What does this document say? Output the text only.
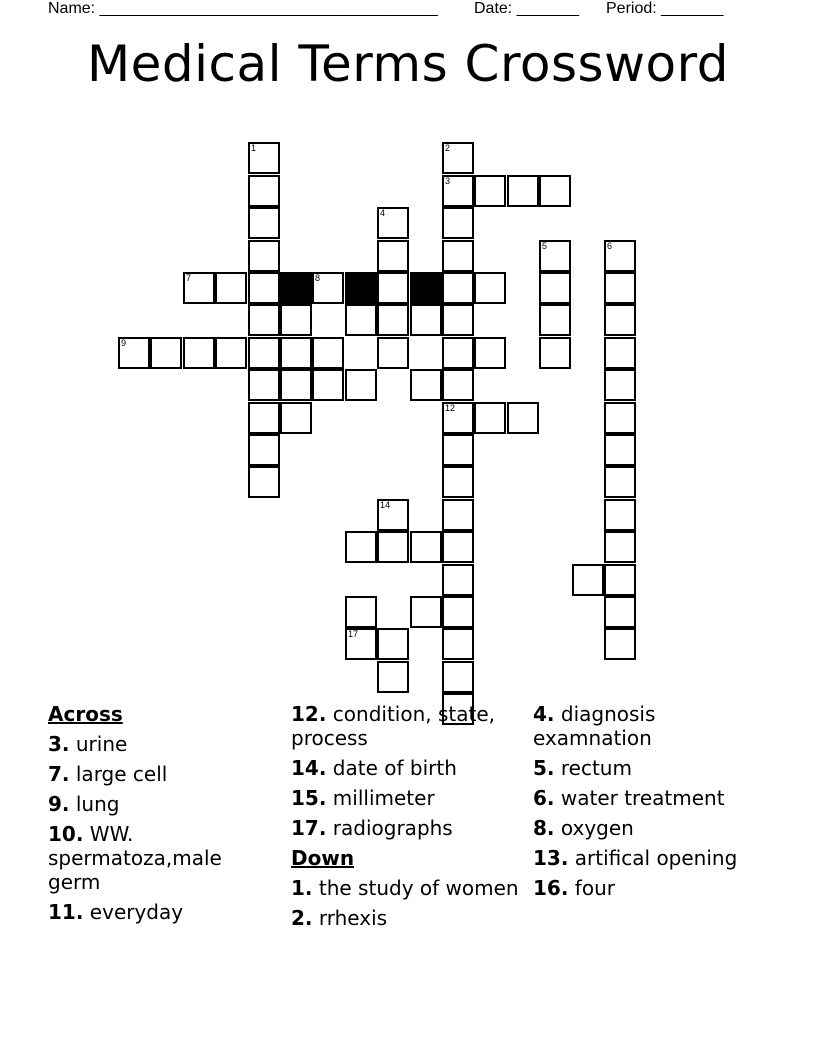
Name: ______________________________________ Date: _______ Period: _______
Medical Terms Crossword
1	2
3
12
4
5	6
7	8
9
14
17
Across
3. urine
7. large cell
9. lung
10. WW. spermatoza,male germ
11. everyday
12. condition, state, process
14. date of birth
15. millimeter
17. radiographs
Down
1. the study of women
2. rrhexis
4. diagnosis examnation
5. rectum
6. water treatment
8. oxygen
13. artifical opening
16. four
